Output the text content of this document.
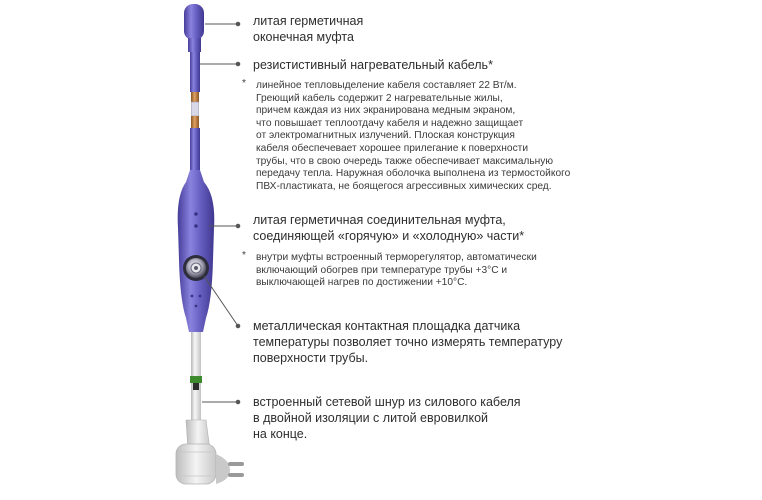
литая герметичная
оконечная муфта

резистистивный нагревательный кабель*

* линейное тепловыделение кабеля составляет 22 Вт/м.
Греющий кабель содержит 2 нагревательные жилы,
причем каждая из них экранирована медным экраном,
что повышает теплоотдачу кабеля и надежно защищает
от электромагнитных излучений. Плоская конструкция
кабеля обеспечевает хорошее прилегание к поверхности
трубы, что в свою очередь также обеспечивает максимальную
передачу тепла. Наружная оболочка выполнена из термостойкого
ПВХ-пластиката, не боящегося агрессивных химических сред.

литая герметичная соединительная муфта,
соединяющей «горячую» и «холодную» части*

* внутри муфты встроенный терморегулятор, автоматически
включающий обогрев при температуре трубы +3°C и
выключающей нагрев по достижении +10°C.

металлическая контактная площадка датчика
температуры позволяет точно измерять температуру
поверхности трубы.

встроенный сетевой шнур из силового кабеля
в двойной изоляции с литой евровилкой
на конце.
